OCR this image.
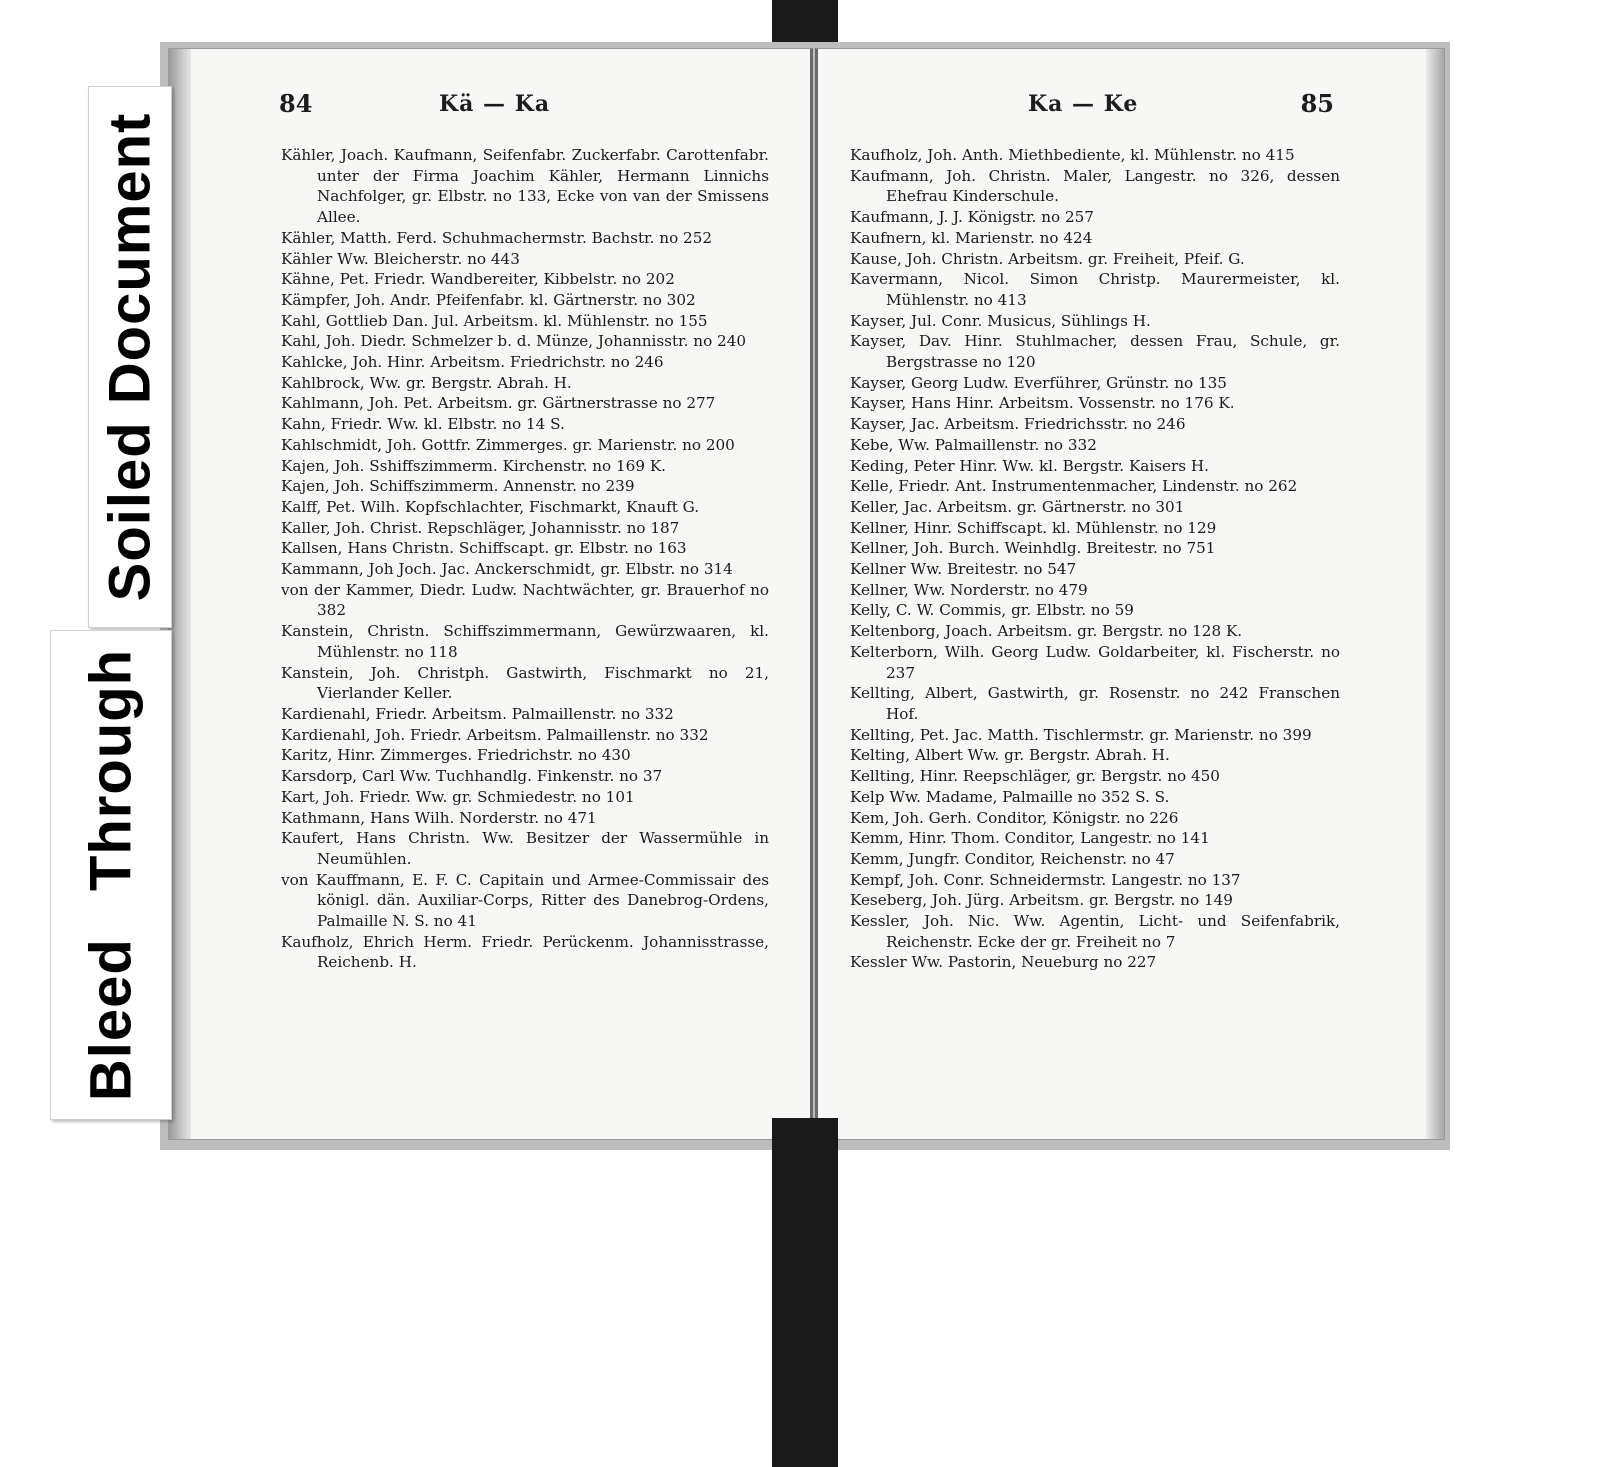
84	Kä — Ka
Kähler, Joach. Kaufmann, Seifenfabr. Zuckerfabr. Carottenfabr. unter der Firma Joachim Kähler, Hermann Linnichs Nachfolger, gr. Elbstr. no 133, Ecke von van der Smissens Allee.
Kähler, Matth. Ferd. Schuhmachermstr. Bachstr. no 252
Kähler Ww. Bleicherstr. no 443
Kähne, Pet. Friedr. Wandbereiter, Kibbelstr. no 202
Kämpfer, Joh. Andr. Pfeifenfabr. kl. Gärtnerstr. no 302
Kahl, Gottlieb Dan. Jul. Arbeitsm. kl. Mühlenstr. no 155
Kahl, Joh. Diedr. Schmelzer b. d. Münze, Johannisstr. no 240
Kahlcke, Joh. Hinr. Arbeitsm. Friedrichstr. no 246
Kahlbrock, Ww. gr. Bergstr. Abrah. H.
Kahlmann, Joh. Pet. Arbeitsm. gr. Gärtnerstrasse no 277
Kahn, Friedr. Ww. kl. Elbstr. no 14 S.
Kahlschmidt, Joh. Gottfr. Zimmerges. gr. Marienstr. no 200
Kajen, Joh. Sshiffszimmerm. Kirchenstr. no 169 K.
Kajen, Joh. Schiffszimmerm. Annenstr. no 239
Kalff, Pet. Wilh. Kopfschlachter, Fischmarkt, Knauft G.
Kaller, Joh. Christ. Repschläger, Johannisstr. no 187
Kallsen, Hans Christn. Schiffscapt. gr. Elbstr. no 163
Kammann, Joh Joch. Jac. Anckerschmidt, gr. Elbstr. no 314
von der Kammer, Diedr. Ludw. Nachtwächter, gr. Brauerhof no 382
Kanstein, Christn. Schiffszimmermann, Gewürzwaaren, kl. Mühlenstr. no 118
Kanstein, Joh. Christph. Gastwirth, Fischmarkt no 21, Vierlander Keller.
Kardienahl, Friedr. Arbeitsm. Palmaillenstr. no 332
Kardienahl, Joh. Friedr. Arbeitsm. Palmaillenstr. no 332
Karitz, Hinr. Zimmerges. Friedrichstr. no 430
Karsdorp, Carl Ww. Tuchhandlg. Finkenstr. no 37
Kart, Joh. Friedr. Ww. gr. Schmiedestr. no 101
Kathmann, Hans Wilh. Norderstr. no 471
Kaufert, Hans Christn. Ww. Besitzer der Wassermühle in Neumühlen.
von Kauffmann, E. F. C. Capitain und Armee-Commissair des königl. dän. Auxiliar-Corps, Ritter des Danebrog-Ordens, Palmaille N. S. no 41
Kaufholz, Ehrich Herm. Friedr. Perückenm. Johannisstrasse, Reichenb. H.
Ka — Ke	85
Kaufholz, Joh. Anth. Miethbediente, kl. Mühlenstr. no 415
Kaufmann, Joh. Christn. Maler, Langestr. no 326, dessen Ehefrau Kinderschule.
Kaufmann, J. J. Königstr. no 257
Kaufnern, kl. Marienstr. no 424
Kause, Joh. Christn. Arbeitsm. gr. Freiheit, Pfeif. G.
Kavermann, Nicol. Simon Christp. Maurermeister, kl. Mühlenstr. no 413
Kayser, Jul. Conr. Musicus, Sühlings H.
Kayser, Dav. Hinr. Stuhlmacher, dessen Frau, Schule, gr. Bergstrasse no 120
Kayser, Georg Ludw. Everführer, Grünstr. no 135
Kayser, Hans Hinr. Arbeitsm. Vossenstr. no 176 K.
Kayser, Jac. Arbeitsm. Friedrichsstr. no 246
Kebe, Ww. Palmaillenstr. no 332
Keding, Peter Hinr. Ww. kl. Bergstr. Kaisers H.
Kelle, Friedr. Ant. Instrumentenmacher, Lindenstr. no 262
Keller, Jac. Arbeitsm. gr. Gärtnerstr. no 301
Kellner, Hinr. Schiffscapt. kl. Mühlenstr. no 129
Kellner, Joh. Burch. Weinhdlg. Breitestr. no 751
Kellner Ww. Breitestr. no 547
Kellner, Ww. Norderstr. no 479
Kelly, C. W. Commis, gr. Elbstr. no 59
Keltenborg, Joach. Arbeitsm. gr. Bergstr. no 128 K.
Kelterborn, Wilh. Georg Ludw. Goldarbeiter, kl. Fischerstr. no 237
Kellting, Albert, Gastwirth, gr. Rosenstr. no 242 Franschen Hof.
Kellting, Pet. Jac. Matth. Tischlermstr. gr. Marienstr. no 399
Kelting, Albert Ww. gr. Bergstr. Abrah. H.
Kellting, Hinr. Reepschläger, gr. Bergstr. no 450
Kelp Ww. Madame, Palmaille no 352 S. S.
Kem, Joh. Gerh. Conditor, Königstr. no 226
Kemm, Hinr. Thom. Conditor, Langestr. no 141
Kemm, Jungfr. Conditor, Reichenstr. no 47
Kempf, Joh. Conr. Schneidermstr. Langestr. no 137
Keseberg, Joh. Jürg. Arbeitsm. gr. Bergstr. no 149
Kessler, Joh. Nic. Ww. Agentin, Licht- und Seifenfabrik, Reichenstr. Ecke der gr. Freiheit no 7
Kessler Ww. Pastorin, Neueburg no 227
Soiled Document
Bleed Through
